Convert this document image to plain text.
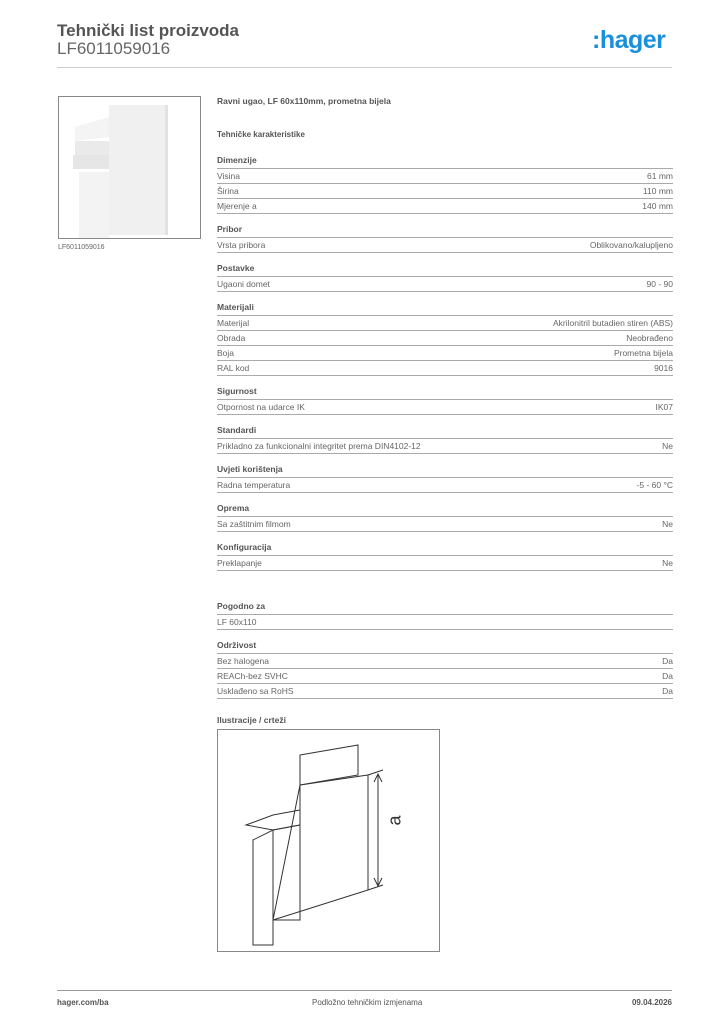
Tehnički list proizvoda
LF6011059016	:hager
LF6011059016
Ravni ugao, LF 60x110mm, prometna bijela
Tehničke karakteristike
Dimenzije
Visina	61 mm
Širina	110 mm
Mjerenje a	140 mm
Pribor
Vrsta pribora	Oblikovano/kalupljeno
Postavke
Ugaoni domet	90 - 90
Materijali
Materijal	Akrilonitril butadien stiren (ABS)
Obrada	Neobrađeno
Boja	Prometna bijela
RAL kod	9016
Sigurnost
Otpornost na udarce IK	IK07
Standardi
Prikladno za funkcionalni integritet prema DIN4102-12	Ne
Uvjeti korištenja
Radna temperatura	-5 - 60 °C
Oprema
Sa zaštitnim filmom	Ne
Konfiguracija
Preklapanje	Ne
Pogodno za
LF 60x110
Održivost
Bez halogena	Da
REACh-bez SVHC	Da
Usklađeno sa RoHS	Da
Ilustracije / crteži
a
hager.com/ba	Podložno tehničkim izmjenama	09.04.2026
